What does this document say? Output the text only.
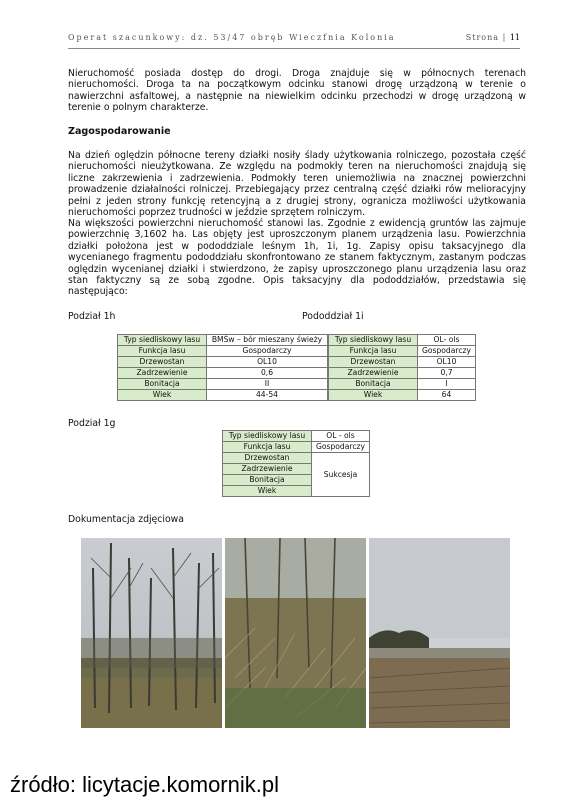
Operat szacunkowy: dz. 53/47 obręb Wieczfnia Kolonia	Strona | 11
Nieruchomość posiada dostęp do drogi. Droga znajduje się w północnych terenach nieruchomości. Droga ta na początkowym odcinku stanowi drogę urządzoną w terenie o nawierzchni asfaltowej, a następnie na niewielkim odcinku przechodzi w drogę urządzoną w terenie o polnym charakterze.
Zagospodarowanie
Na dzień oględzin północne tereny działki nosiły ślady użytkowania rolniczego, pozostała część nieruchomości nieużytkowana. Ze względu na podmokły teren na nieruchomości znajdują się liczne zakrzewienia i zadrzewienia. Podmokły teren uniemożliwia na znacznej powierzchni prowadzenie działalności rolniczej. Przebiegający przez centralną część działki rów melioracyjny pełni z jeden strony funkcję retencyjną a z drugiej strony, ogranicza możliwości użytkowania nieruchomości poprzez trudności w jeździe sprzętem rolniczym.
Na większości powierzchni nieruchomość stanowi las. Zgodnie z ewidencją gruntów las zajmuje powierzchnię 3,1602 ha. Las objęty jest uproszczonym planem urządzenia lasu. Powierzchnia działki położona jest w pododdziale leśnym 1h, 1i, 1g. Zapisy opisu taksacyjnego dla wycenianego fragmentu pododdziału skonfrontowano ze stanem faktycznym, zastanym podczas oględzin wycenianej działki i stwierdzono, że zapisy uproszczonego planu urządzenia lasu oraz stan faktyczny są ze sobą zgodne. Opis taksacyjny dla pododdziałów, przedstawia się następująco:
Podział 1h	Pododdział 1i
Typ siedliskowy lasu	BMŚw – bór mieszany świeży
Funkcja lasu	Gospodarczy
Drzewostan	OL10
Zadrzewienie	0,6
Bonitacja	II
Wiek	44-54
Typ siedliskowy lasu	OL- ols
Funkcja lasu	Gospodarczy
Drzewostan	OL10
Zadrzewienie	0,7
Bonitacja	I
Wiek	64
Podział 1g
Typ siedliskowy lasu	OL - ols
Funkcja lasu	Gospodarczy
Drzewostan	Sukcesja
Zadrzewienie	
Bonitacja	
Wiek	
Dokumentacja zdjęciowa
źródło: licytacje.komornik.pl
